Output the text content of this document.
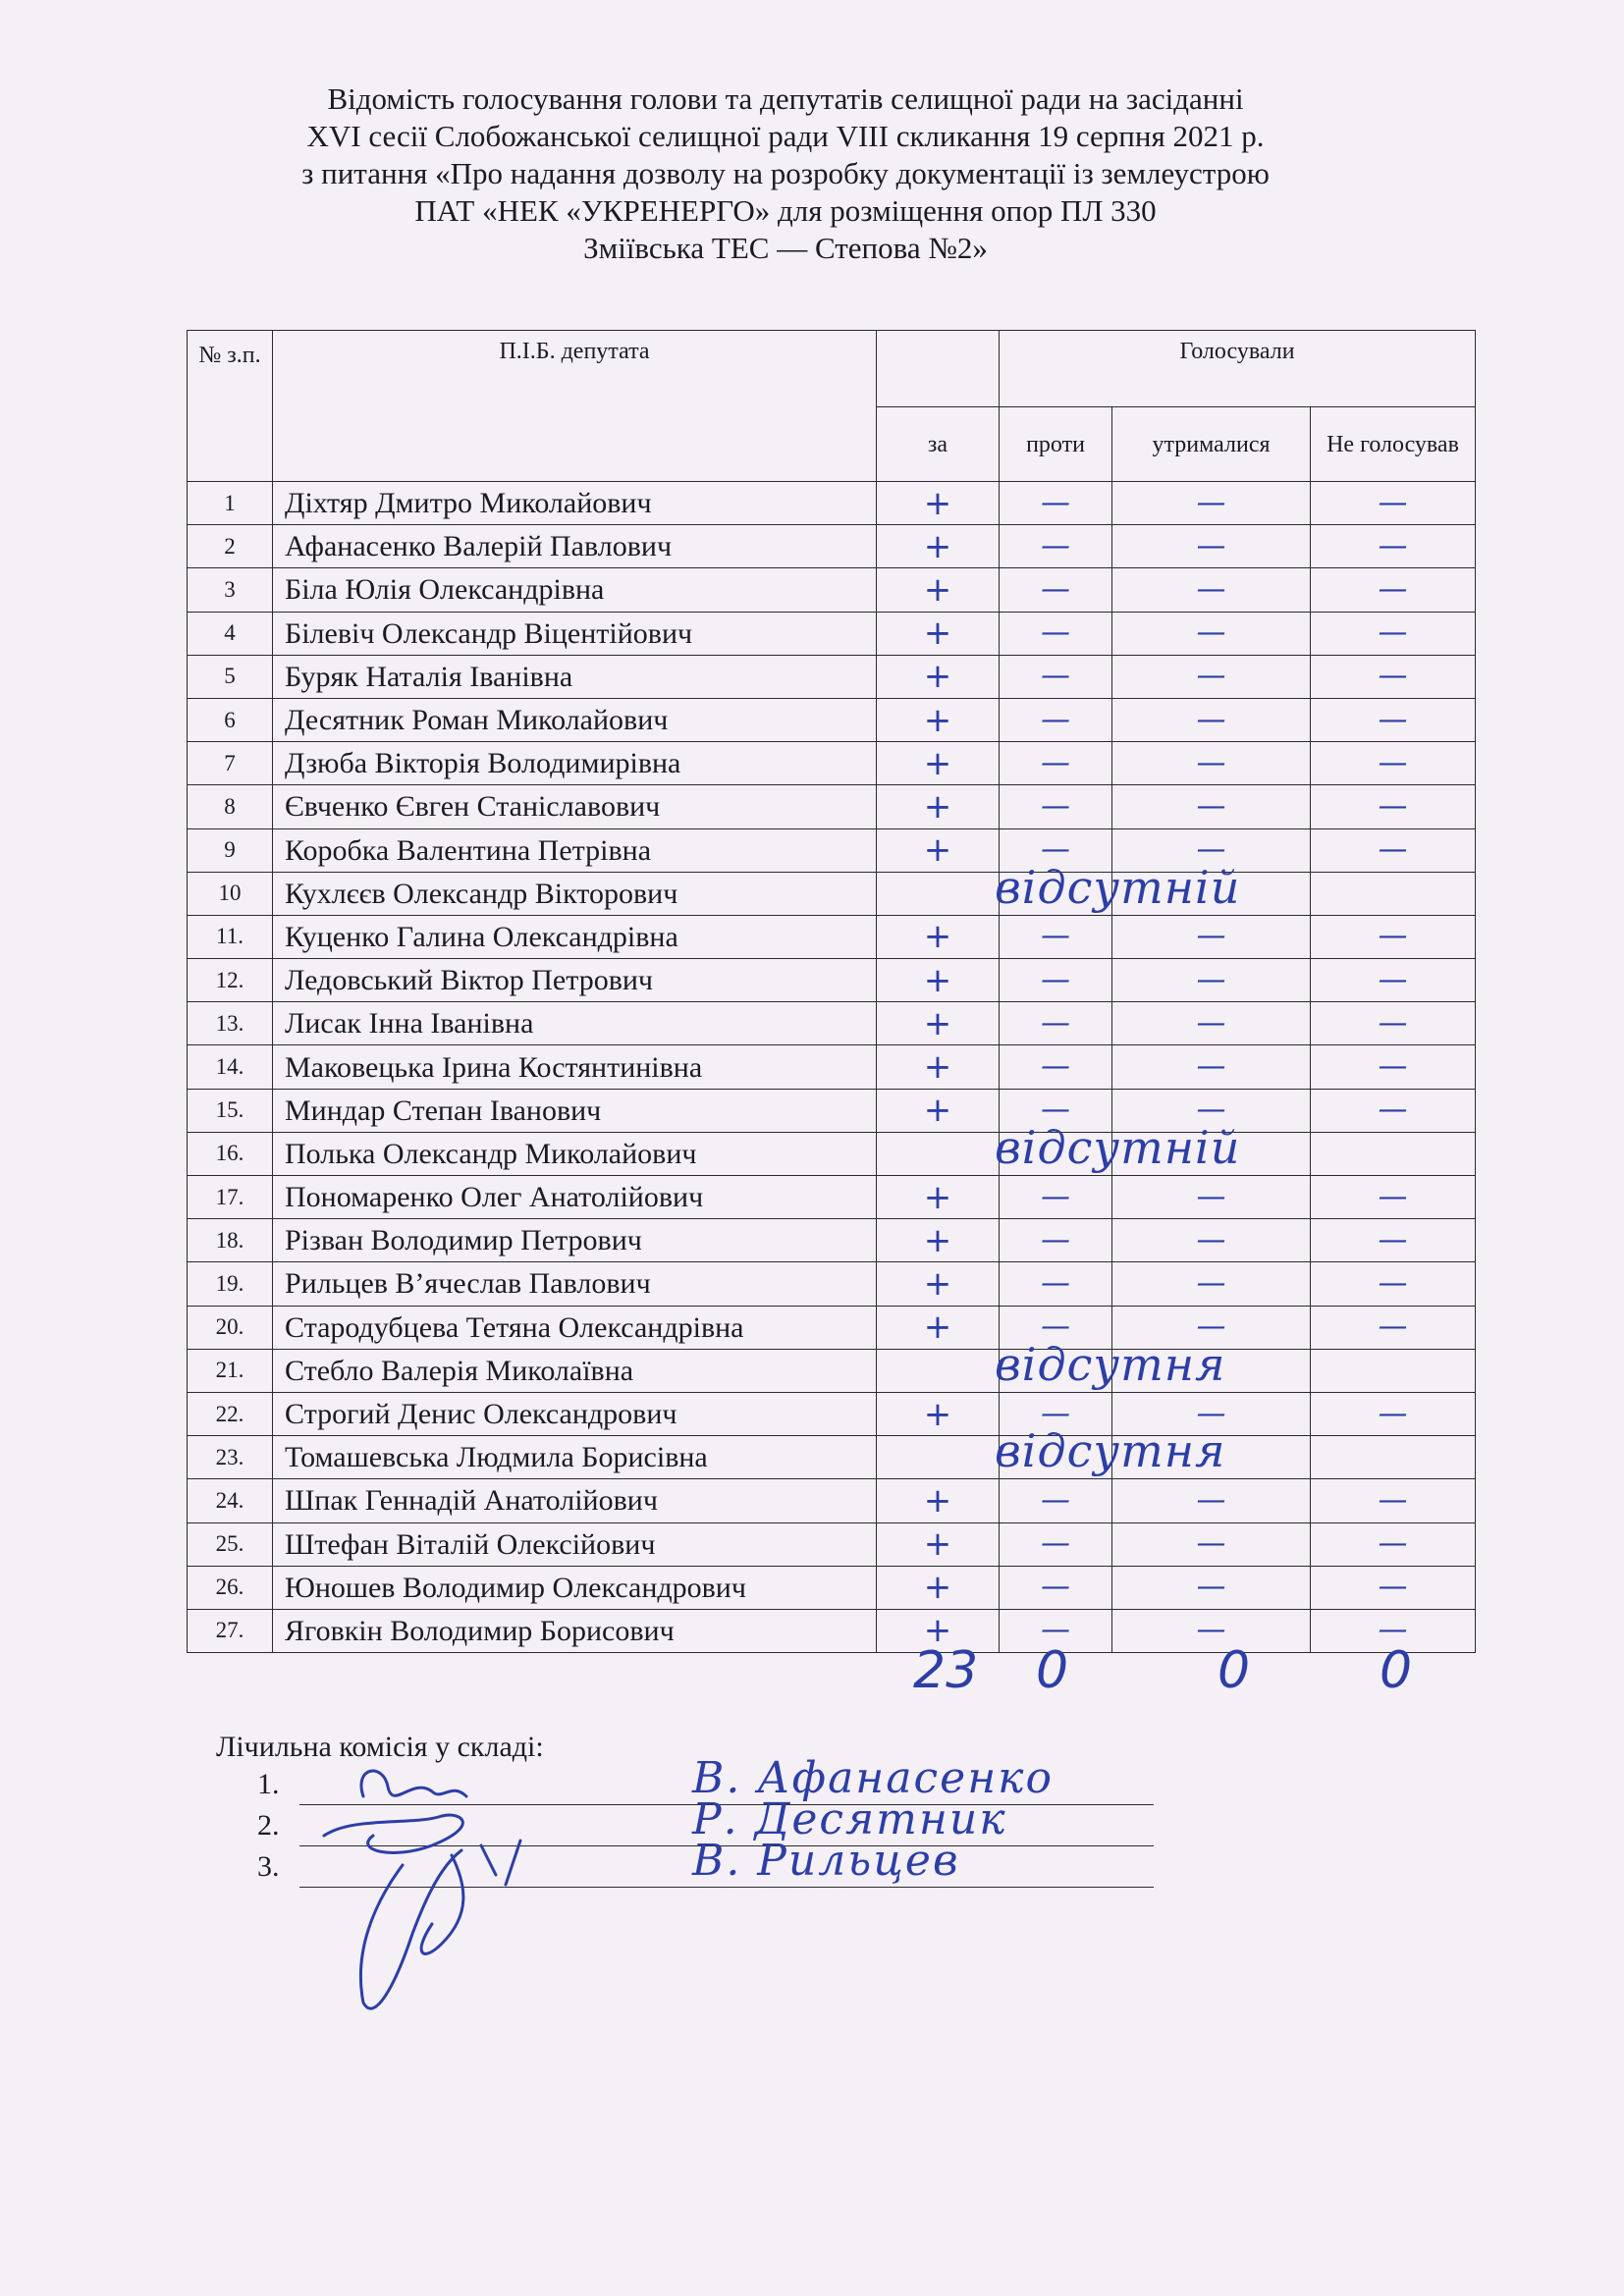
Відомість голосування голови та депутатів селищної ради на засіданні
XVI сесії Слобожанської селищної ради VIII скликання 19 серпня 2021 р.
з питання «Про надання дозволу на розробку документації із землеустрою
ПАТ «НЕК «УКРЕНЕРГО» для розміщення опор ПЛ 330
Зміївська ТЕС — Степова №2»
№ з.п.	П.І.Б. депутата		Голосували		
		за	проти	утрималися	Не голосував
1	Діхтяр Дмитро Миколайович	+	—	—	—
2	Афанасенко Валерій Павлович	+	—	—	—
3	Біла Юлія Олександрівна	+	—	—	—
4	Білевіч Олександр Віцентійович	+	—	—	—
5	Буряк Наталія Іванівна	+	—	—	—
6	Десятник Роман Миколайович	+	—	—	—
7	Дзюба Вікторія Володимирівна	+	—	—	—
8	Євченко Євген Станіславович	+	—	—	—
9	Коробка Валентина Петрівна	+	—	—	—
10	Кухлєєв Олександр Вікторович	відсутній			

11.	Куценко Галина Олександрівна	+	—	—	—
12.	Ледовський Віктор Петрович	+	—	—	—
13.	Лисак Інна Іванівна	+	—	—	—
14.	Маковецька Ірина Костянтинівна	+	—	—	—
15.	Миндар Степан Іванович	+	—	—	—
16.	Полька Олександр Миколайович	відсутній			

17.	Пономаренко Олег Анатолійович	+	—	—	—
18.	Різван Володимир Петрович	+	—	—	—
19.	Рильцев В’ячеслав Павлович	+	—	—	—
20.	Стародубцева Тетяна Олександрівна	+	—	—	—
21.	Стебло Валерія Миколаївна	відсутня			

22.	Строгий Денис Олександрович	+	—	—	—
23.	Томашевська Людмила Борисівна	відсутня			

24.	Шпак Геннадій Анатолійович	+	—	—	—
25.	Штефан Віталій Олексійович	+	—	—	—
26.	Юношев Володимир Олександрович	+	—	—	—
27.	Яговкін Володимир Борисович	+	—	—	—
23 0	0	0
Лічильна комісія у складі:
1.	В. Афанасенко
2.	Р. Десятник
3.	В. Рильцев
